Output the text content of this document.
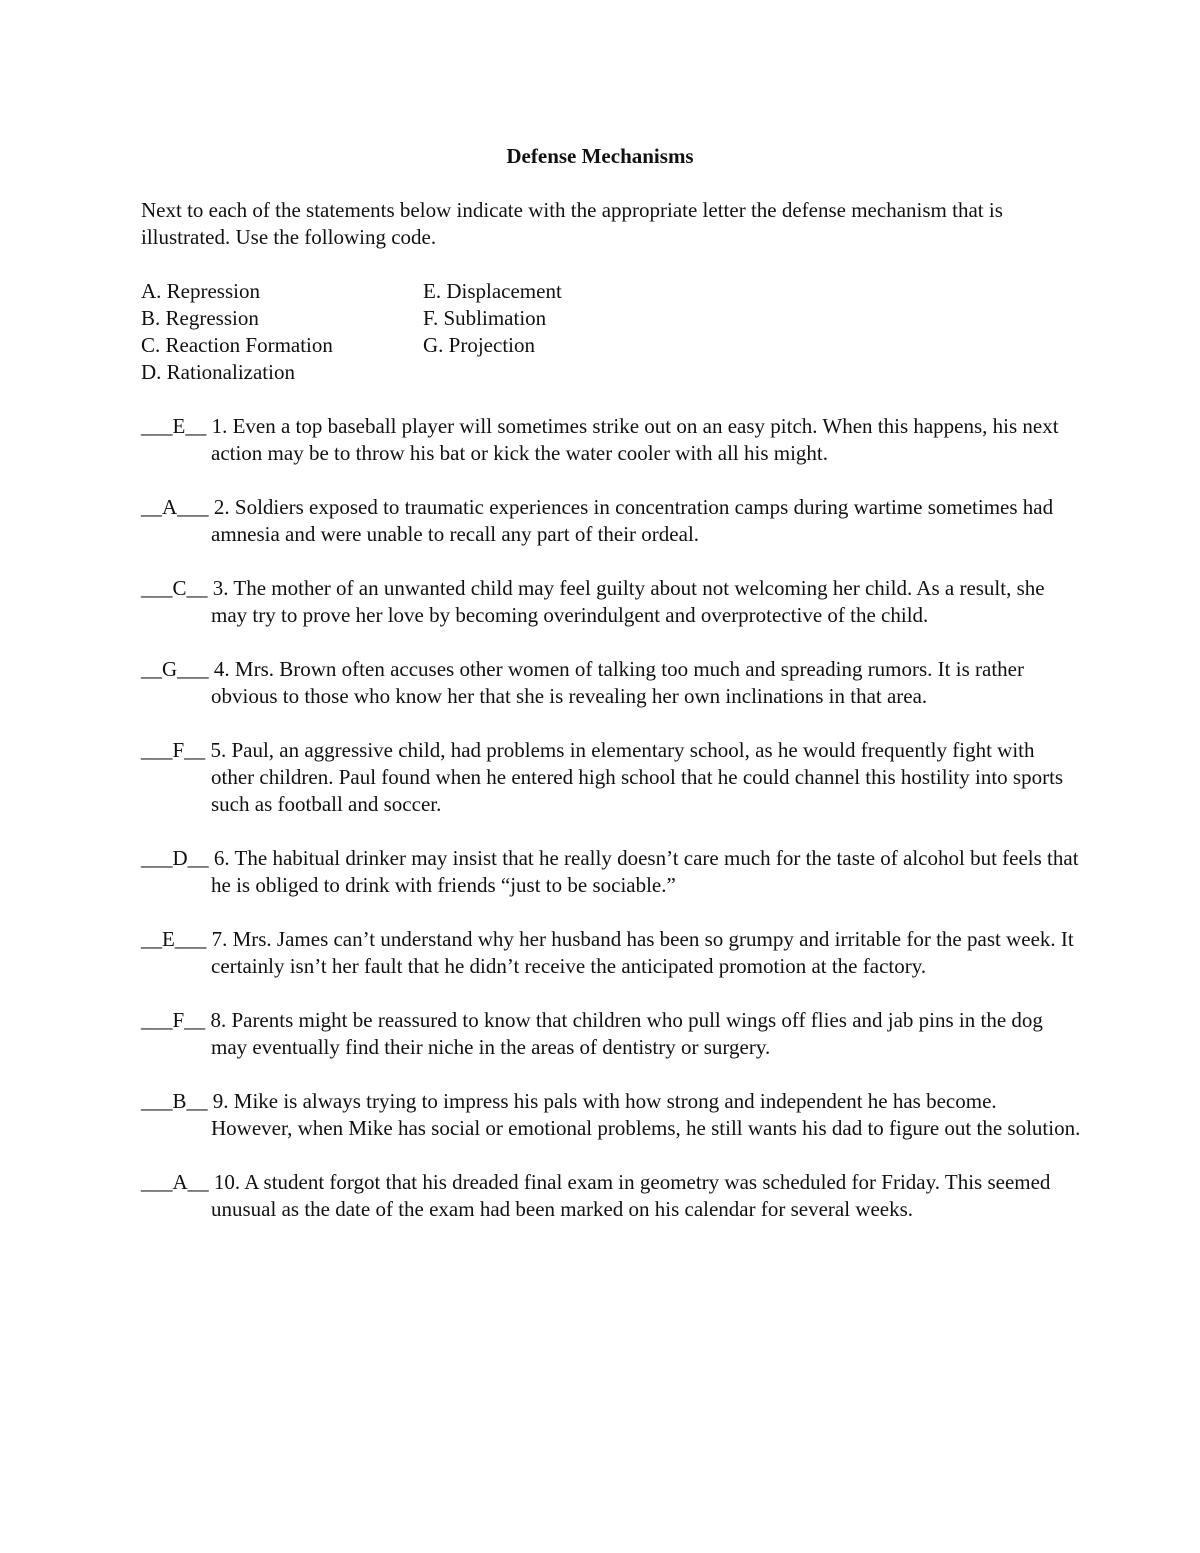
Defense Mechanisms
Next to each of the statements below indicate with the appropriate letter the defense mechanism that is illustrated. Use the following code.
A. Repression
B. Regression
C. Reaction Formation
D. Rationalization
E. Displacement
F. Sublimation
G. Projection
___E__ 1. Even a top baseball player will sometimes strike out on an easy pitch. When this happens, his next action may be to throw his bat or kick the water cooler with all his might.
__A___ 2. Soldiers exposed to traumatic experiences in concentration camps during wartime sometimes had amnesia and were unable to recall any part of their ordeal.
___C__ 3. The mother of an unwanted child may feel guilty about not welcoming her child. As a result, she may try to prove her love by becoming overindulgent and overprotective of the child.
__G___ 4. Mrs. Brown often accuses other women of talking too much and spreading rumors. It is rather obvious to those who know her that she is revealing her own inclinations in that area.
___F__ 5. Paul, an aggressive child, had problems in elementary school, as he would frequently fight with other children. Paul found when he entered high school that he could channel this hostility into sports such as football and soccer.
___D__ 6. The habitual drinker may insist that he really doesn’t care much for the taste of alcohol but feels that he is obliged to drink with friends “just to be sociable.”
__E___ 7. Mrs. James can’t understand why her husband has been so grumpy and irritable for the past week. It certainly isn’t her fault that he didn’t receive the anticipated promotion at the factory.
___F__ 8. Parents might be reassured to know that children who pull wings off flies and jab pins in the dog may eventually find their niche in the areas of dentistry or surgery.
___B__ 9. Mike is always trying to impress his pals with how strong and independent he has become. However, when Mike has social or emotional problems, he still wants his dad to figure out the solution.
___A__ 10. A student forgot that his dreaded final exam in geometry was scheduled for Friday. This seemed unusual as the date of the exam had been marked on his calendar for several weeks.
